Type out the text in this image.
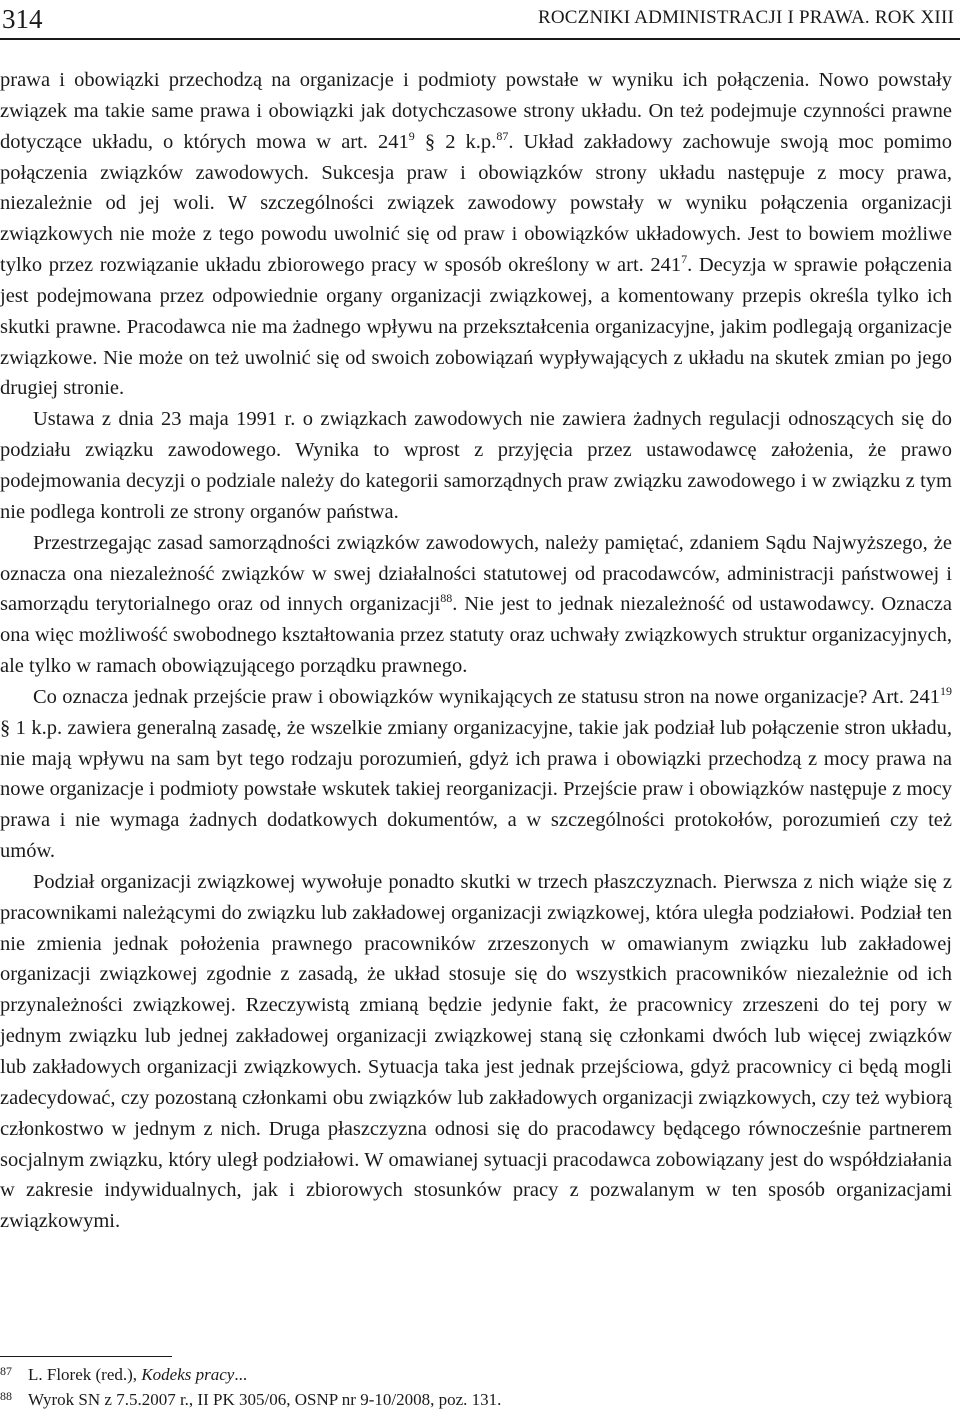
314	ROCZNIKI ADMINISTRACJI I PRAWA. ROK XIII

prawa i obowiązki przechodzą na organizacje i podmioty powstałe w wyniku ich połączenia. Nowo powstały związek ma takie same prawa i obowiązki jak dotychczasowe strony układu. On też podejmuje czynności prawne dotyczące układu, o których mowa w art. $241^9$ § 2 k.p.$^{87}$. Układ zakładowy zachowuje swoją moc pomimo połączenia związków zawodowych. Sukcesja praw i obowiązków strony układu następuje z mocy prawa, niezależnie od jej woli. W szczególności związek zawodowy powstały w wyniku połączenia organizacji związkowych nie może z tego powodu uwolnić się od praw i obowiązków układowych. Jest to bowiem możliwe tylko przez rozwiązanie układu zbiorowego pracy w sposób określony w art. $241^7$. Decyzja w sprawie połączenia jest podejmowana przez odpowiednie organy organizacji związkowej, a komentowany przepis określa tylko ich skutki prawne. Pracodawca nie ma żadnego wpływu na przekształcenia organizacyjne, jakim podlegają organizacje związkowe. Nie może on też uwolnić się od swoich zobowiązań wypływających z układu na skutek zmian po jego drugiej stronie.

Ustawa z dnia 23 maja 1991 r. o związkach zawodowych nie zawiera żadnych regulacji odnoszących się do podziału związku zawodowego. Wynika to wprost z przyjęcia przez ustawodawcę założenia, że prawo podejmowania decyzji o podziale należy do kategorii samorządnych praw związku zawodowego i w związku z tym nie podlega kontroli ze strony organów państwa.

Przestrzegając zasad samorządności związków zawodowych, należy pamiętać, zdaniem Sądu Najwyższego, że oznacza ona niezależność związków w swej działalności statutowej od pracodawców, administracji państwowej i samorządu terytorialnego oraz od innych organizacji$^{88}$. Nie jest to jednak niezależność od ustawodawcy. Oznacza ona więc możliwość swobodnego kształtowania przez statuty oraz uchwały związkowych struktur organizacyjnych, ale tylko w ramach obowiązującego porządku prawnego.

Co oznacza jednak przejście praw i obowiązków wynikających ze statusu stron na nowe organizacje? Art. $241^{19}$ § 1 k.p. zawiera generalną zasadę, że wszelkie zmiany organizacyjne, takie jak podział lub połączenie stron układu, nie mają wpływu na sam byt tego rodzaju porozumień, gdyż ich prawa i obowiązki przechodzą z mocy prawa na nowe organizacje i podmioty powstałe wskutek takiej reorganizacji. Przejście praw i obowiązków następuje z mocy prawa i nie wymaga żadnych dodatkowych dokumentów, a w szczególności protokołów, porozumień czy też umów.

Podział organizacji związkowej wywołuje ponadto skutki w trzech płaszczyznach. Pierwsza z nich wiąże się z pracownikami należącymi do związku lub zakładowej organizacji związkowej, która uległa podziałowi. Podział ten nie zmienia jednak położenia prawnego pracowników zrzeszonych w omawianym związku lub zakładowej organizacji związkowej zgodnie z zasadą, że układ stosuje się do wszystkich pracowników niezależnie od ich przynależności związkowej. Rzeczywistą zmianą będzie jedynie fakt, że pracownicy zrzeszeni do tej pory w jednym związku lub jednej zakładowej organizacji związkowej staną się członkami dwóch lub więcej związków lub zakładowych organizacji związkowych. Sytuacja taka jest jednak przejściowa, gdyż pracownicy ci będą mogli zadecydować, czy pozostaną członkami obu związków lub zakładowych organizacji związkowych, czy też wybiorą członkostwo w jednym z nich. Druga płaszczyzna odnosi się do pracodawcy będącego równocześnie partnerem socjalnym związku, który uległ podziałowi. W omawianej sytuacji pracodawca zobowiązany jest do współdziałania w zakresie indywidualnych, jak i zbiorowych stosunków pracy z pozwalanym w ten sposób organizacjami związkowymi.

87 L. Florek (red.), Kodeks pracy...
88 Wyrok SN z 7.5.2007 r., II PK 305/06, OSNP nr 9-10/2008, poz. 131.
